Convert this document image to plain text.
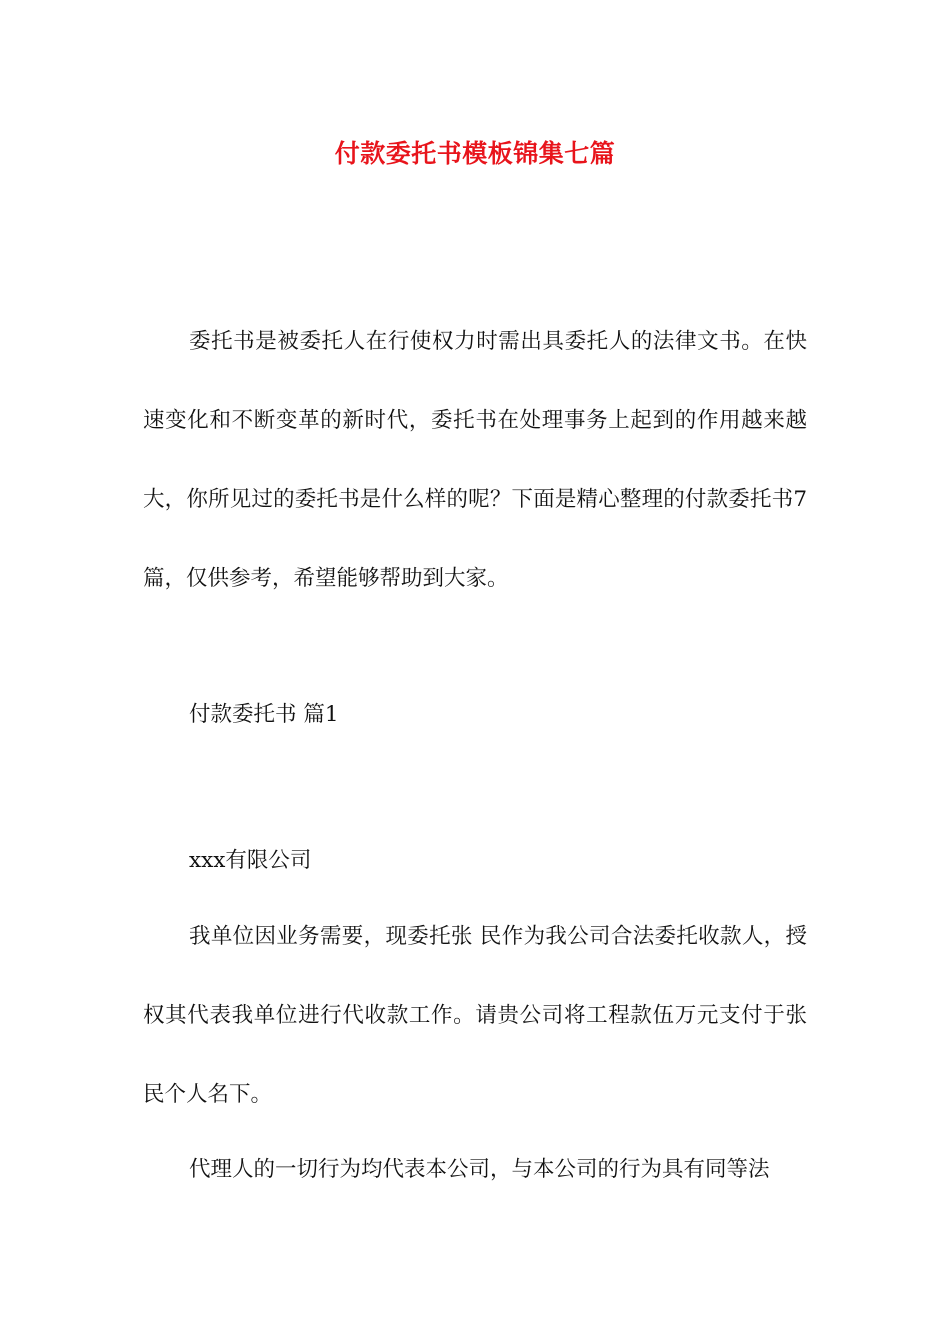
付款委托书模板锦集七篇

委托书是被委托人在行使权力时需出具委托人的法律文书。在快速变化和不断变革的新时代，委托书在处理事务上起到的作用越来越大，你所见过的委托书是什么样的呢？下面是精心整理的付款委托书7篇，仅供参考，希望能够帮助到大家。

付款委托书 篇1

xxx有限公司

我单位因业务需要，现委托张 民作为我公司合法委托收款人，授权其代表我单位进行代收款工作。请贵公司将工程款伍万元支付于张民个人名下。

代理人的一切行为均代表本公司，与本公司的行为具有同等法
